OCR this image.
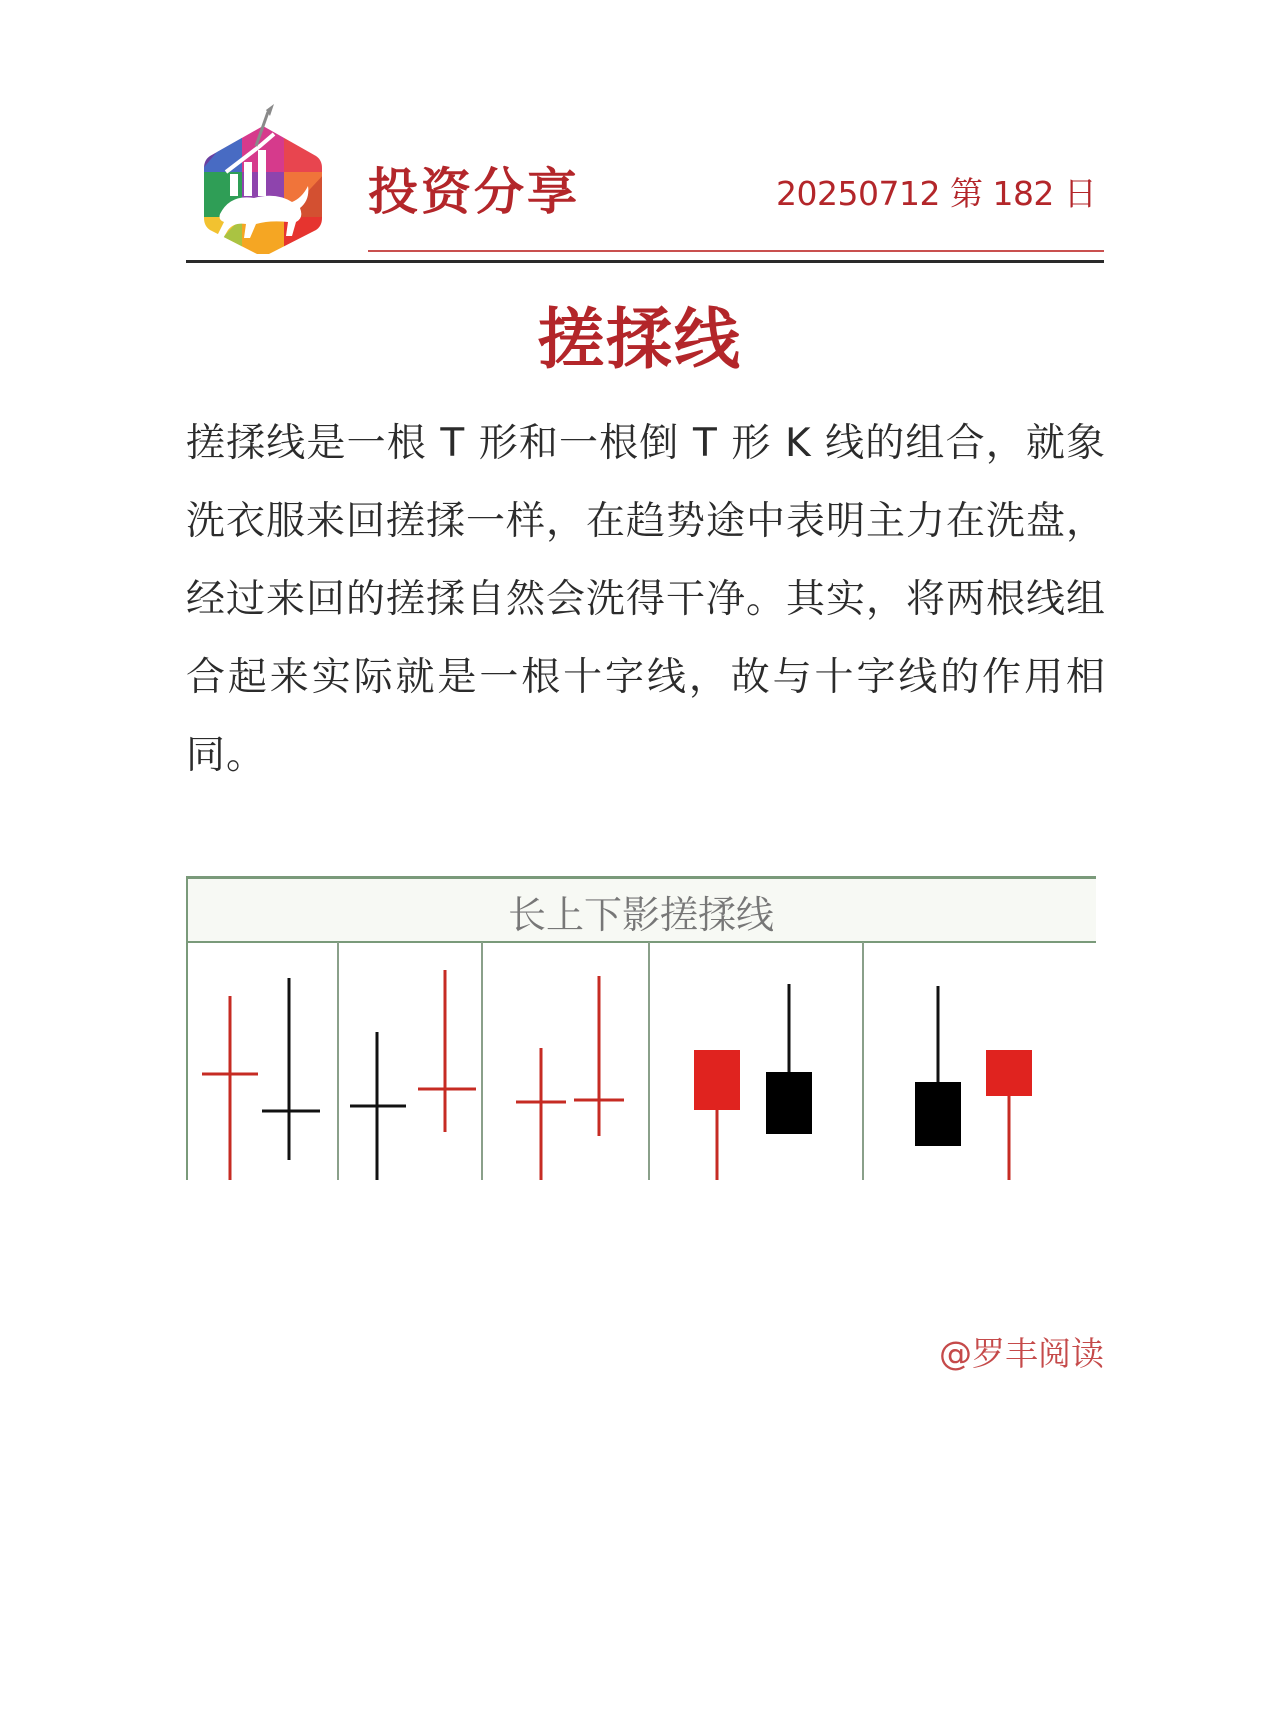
投资分享	20250712 第 182 日
搓揉线
搓揉线是一根 T 形和一根倒 T 形 K 线的组合，就象洗衣服来回搓揉一样，在趋势途中表明主力在洗盘，经过来回的搓揉自然会洗得干净。其实，将两根线组合起来实际就是一根十字线，故与十字线的作用相同。
长上下影搓揉线
@罗丰阅读
